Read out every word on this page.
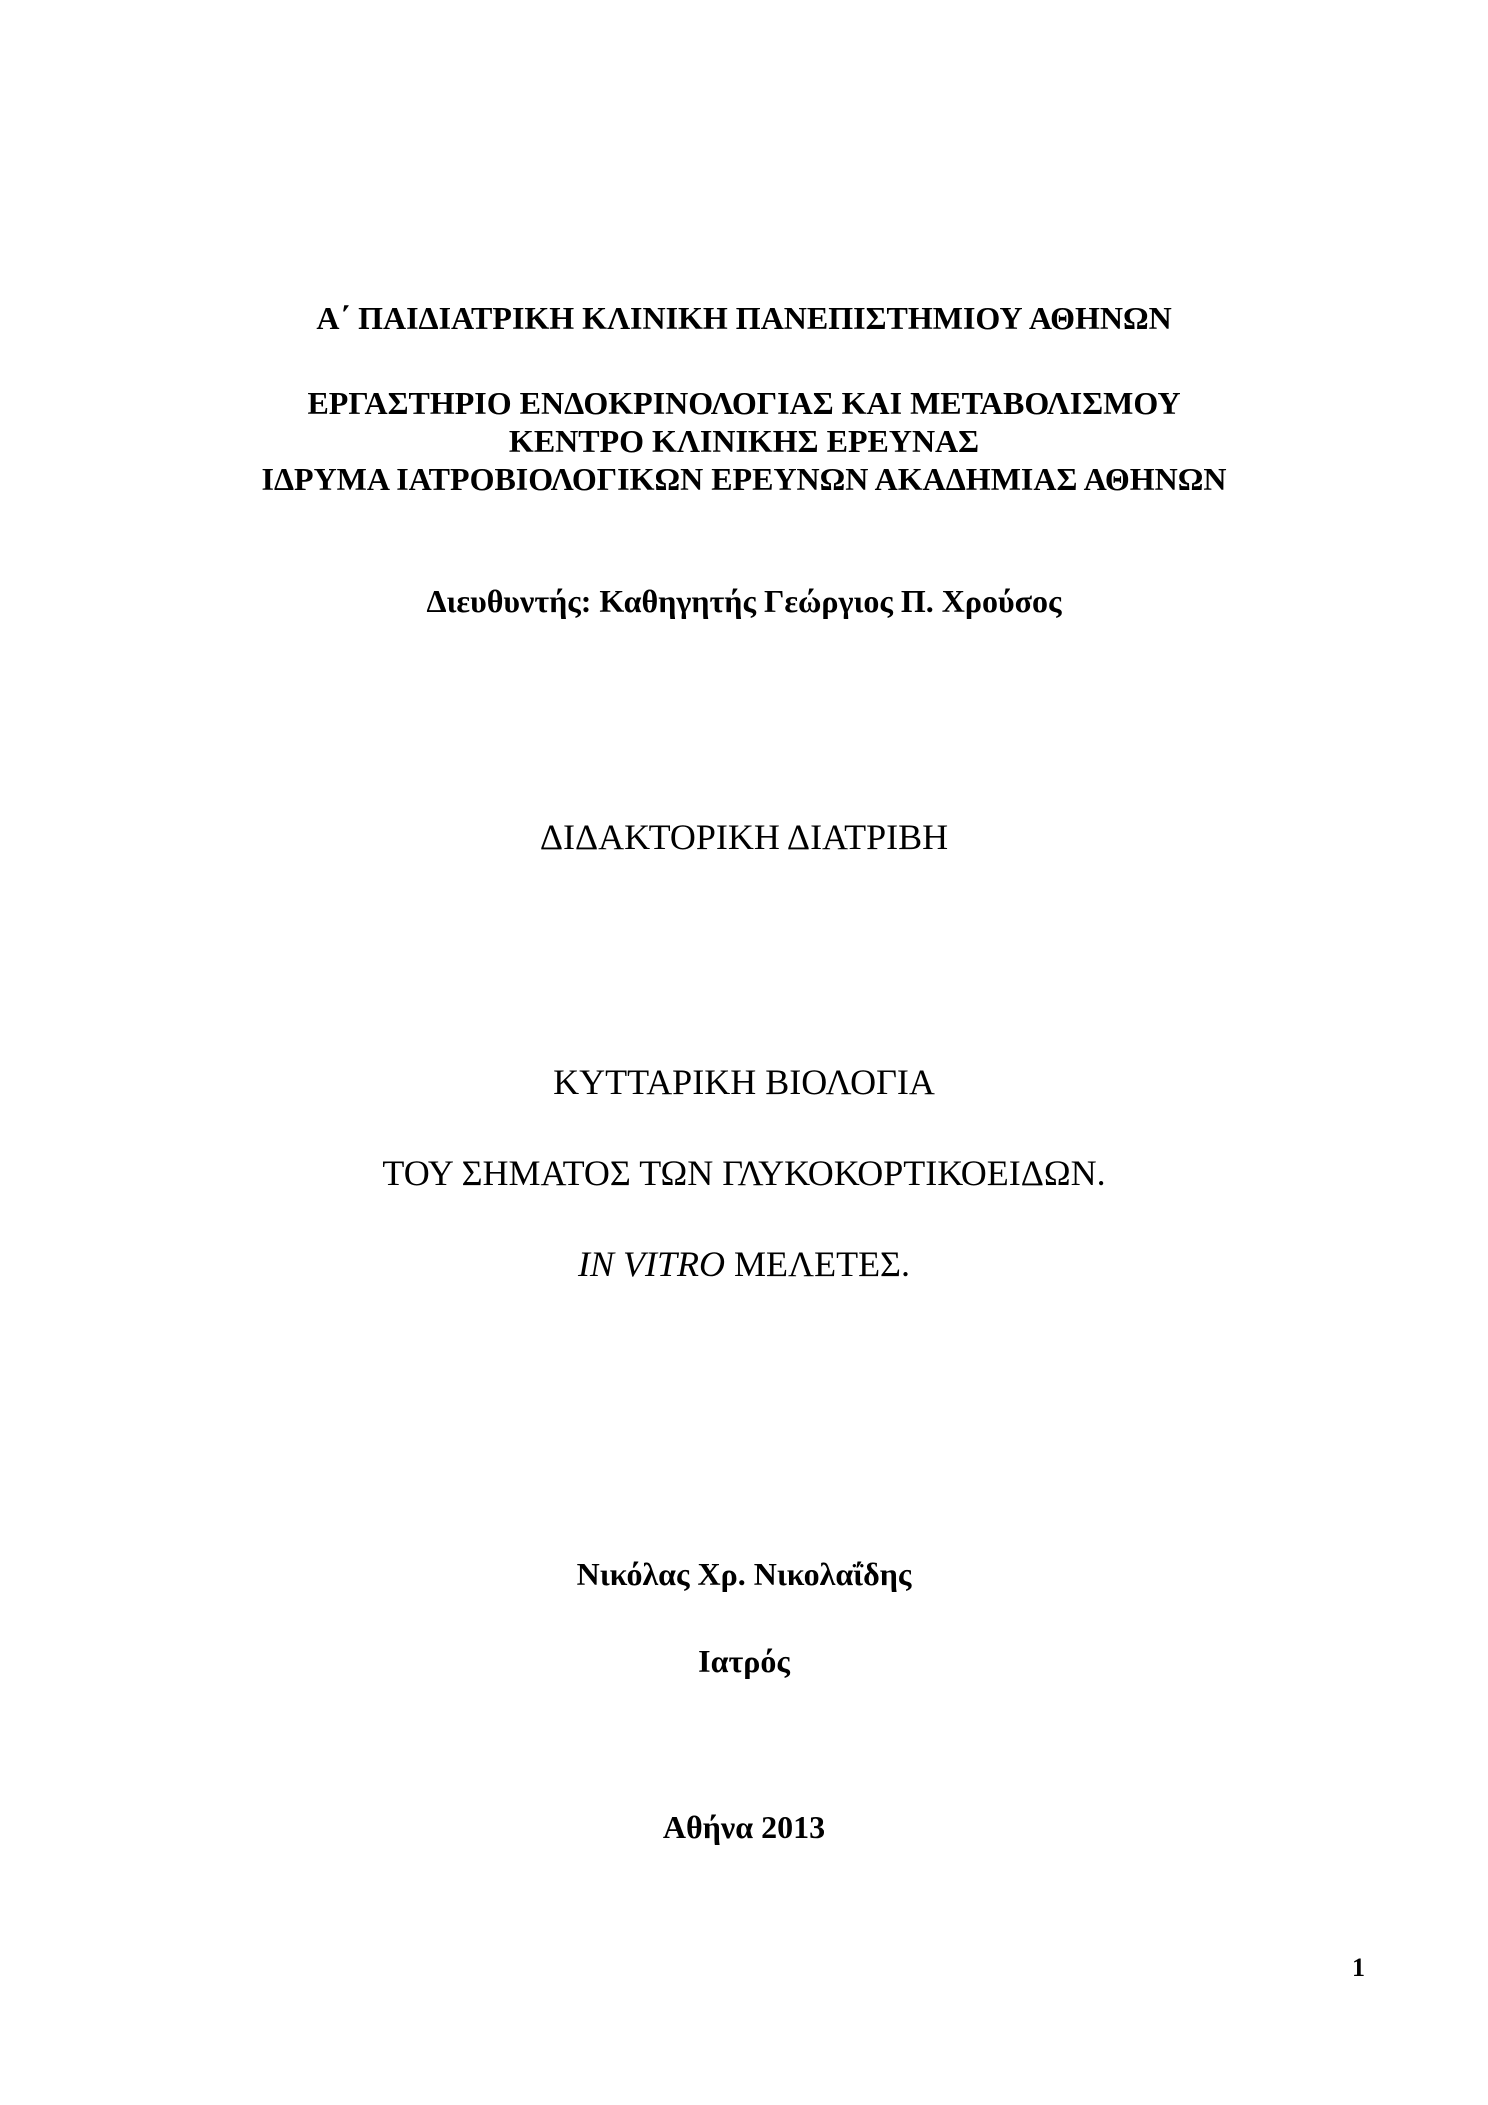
Α΄ ΠΑΙΔΙΑΤΡΙΚΗ ΚΛΙΝΙΚΗ ΠΑΝΕΠΙΣΤΗΜΙΟΥ ΑΘΗΝΩΝ
ΕΡΓΑΣΤΗΡΙΟ ΕΝΔΟΚΡΙΝΟΛΟΓΙΑΣ ΚΑΙ ΜΕΤΑΒΟΛΙΣΜΟΥ
ΚΕΝΤΡΟ ΚΛΙΝΙΚΗΣ ΕΡΕΥΝΑΣ
ΙΔΡΥΜΑ ΙΑΤΡΟΒΙΟΛΟΓΙΚΩΝ ΕΡΕΥΝΩΝ ΑΚΑΔΗΜΙΑΣ ΑΘΗΝΩΝ
Διευθυντής: Καθηγητής Γεώργιος Π. Χρούσος
ΔΙΔΑΚΤΟΡΙΚΗ ΔΙΑΤΡΙΒΗ
ΚΥΤΤΑΡΙΚΗ ΒΙΟΛΟΓΙΑ
ΤΟΥ ΣΗΜΑΤΟΣ ΤΩΝ ΓΛΥΚΟΚΟΡΤΙΚΟΕΙΔΩΝ.
IN VITRO ΜΕΛΕΤΕΣ.
Νικόλας Χρ. Νικολαΐδης
Ιατρός
Αθήνα 2013
1
